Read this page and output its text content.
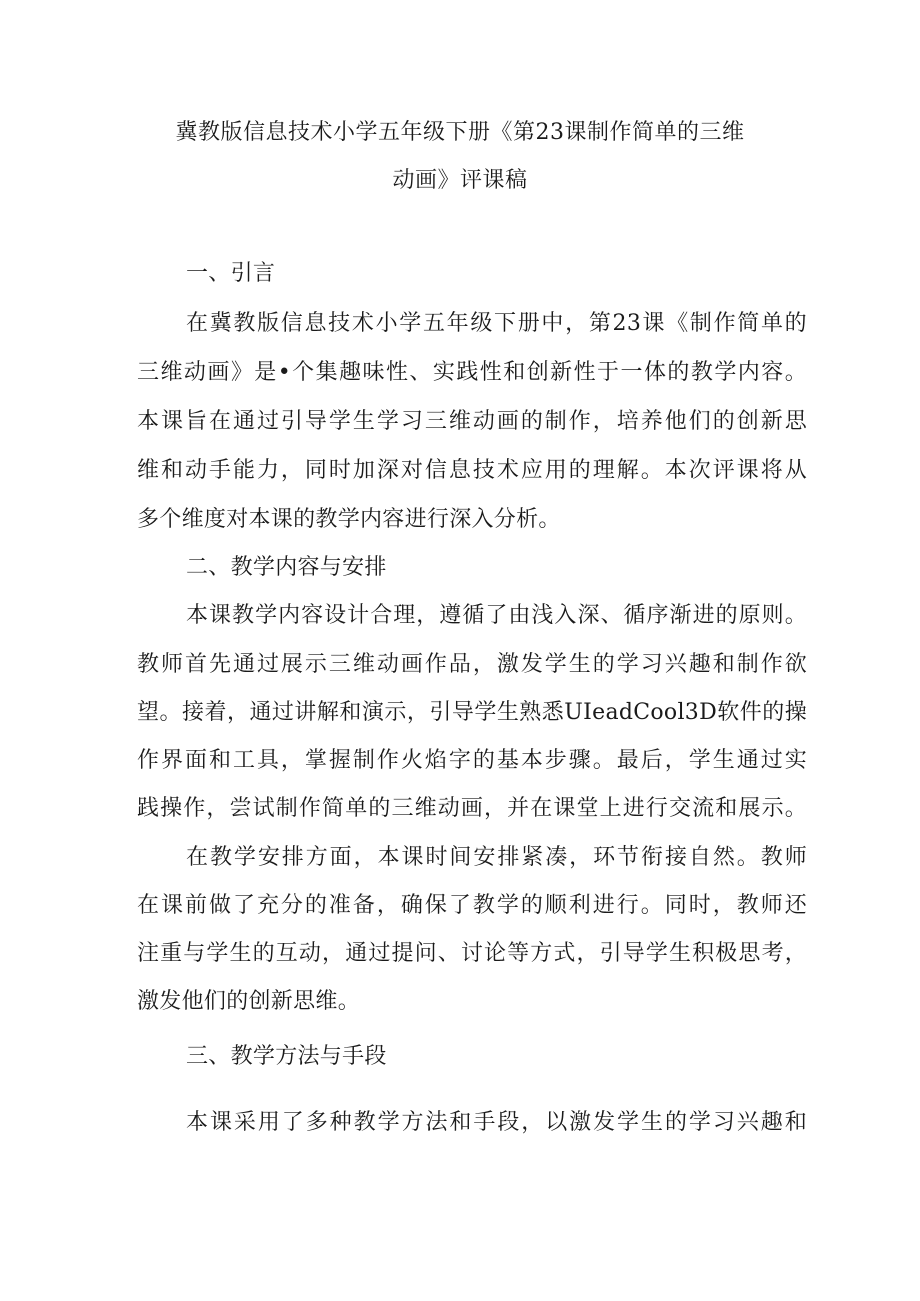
冀教版信息技术小学五年级下册《第23课制作简单的三维
动画》评课稿
一、引言
在冀教版信息技术小学五年级下册中，第23课《制作简单的
三维动画》是•个集趣味性、实践性和创新性于一体的教学内容。
本课旨在通过引导学生学习三维动画的制作，培养他们的创新思
维和动手能力，同时加深对信息技术应用的理解。本次评课将从
多个维度对本课的教学内容进行深入分析。
二、教学内容与安排
本课教学内容设计合理，遵循了由浅入深、循序渐进的原则。
教师首先通过展示三维动画作品，激发学生的学习兴趣和制作欲
望。接着，通过讲解和演示，引导学生熟悉UIeadCool3D软件的操
作界面和工具，掌握制作火焰字的基本步骤。最后，学生通过实
践操作，尝试制作简单的三维动画，并在课堂上进行交流和展示。
在教学安排方面，本课时间安排紧凑，环节衔接自然。教师
在课前做了充分的准备，确保了教学的顺利进行。同时，教师还
注重与学生的互动，通过提问、讨论等方式，引导学生积极思考，
激发他们的创新思维。
三、教学方法与手段
本课采用了多种教学方法和手段，以激发学生的学习兴趣和
